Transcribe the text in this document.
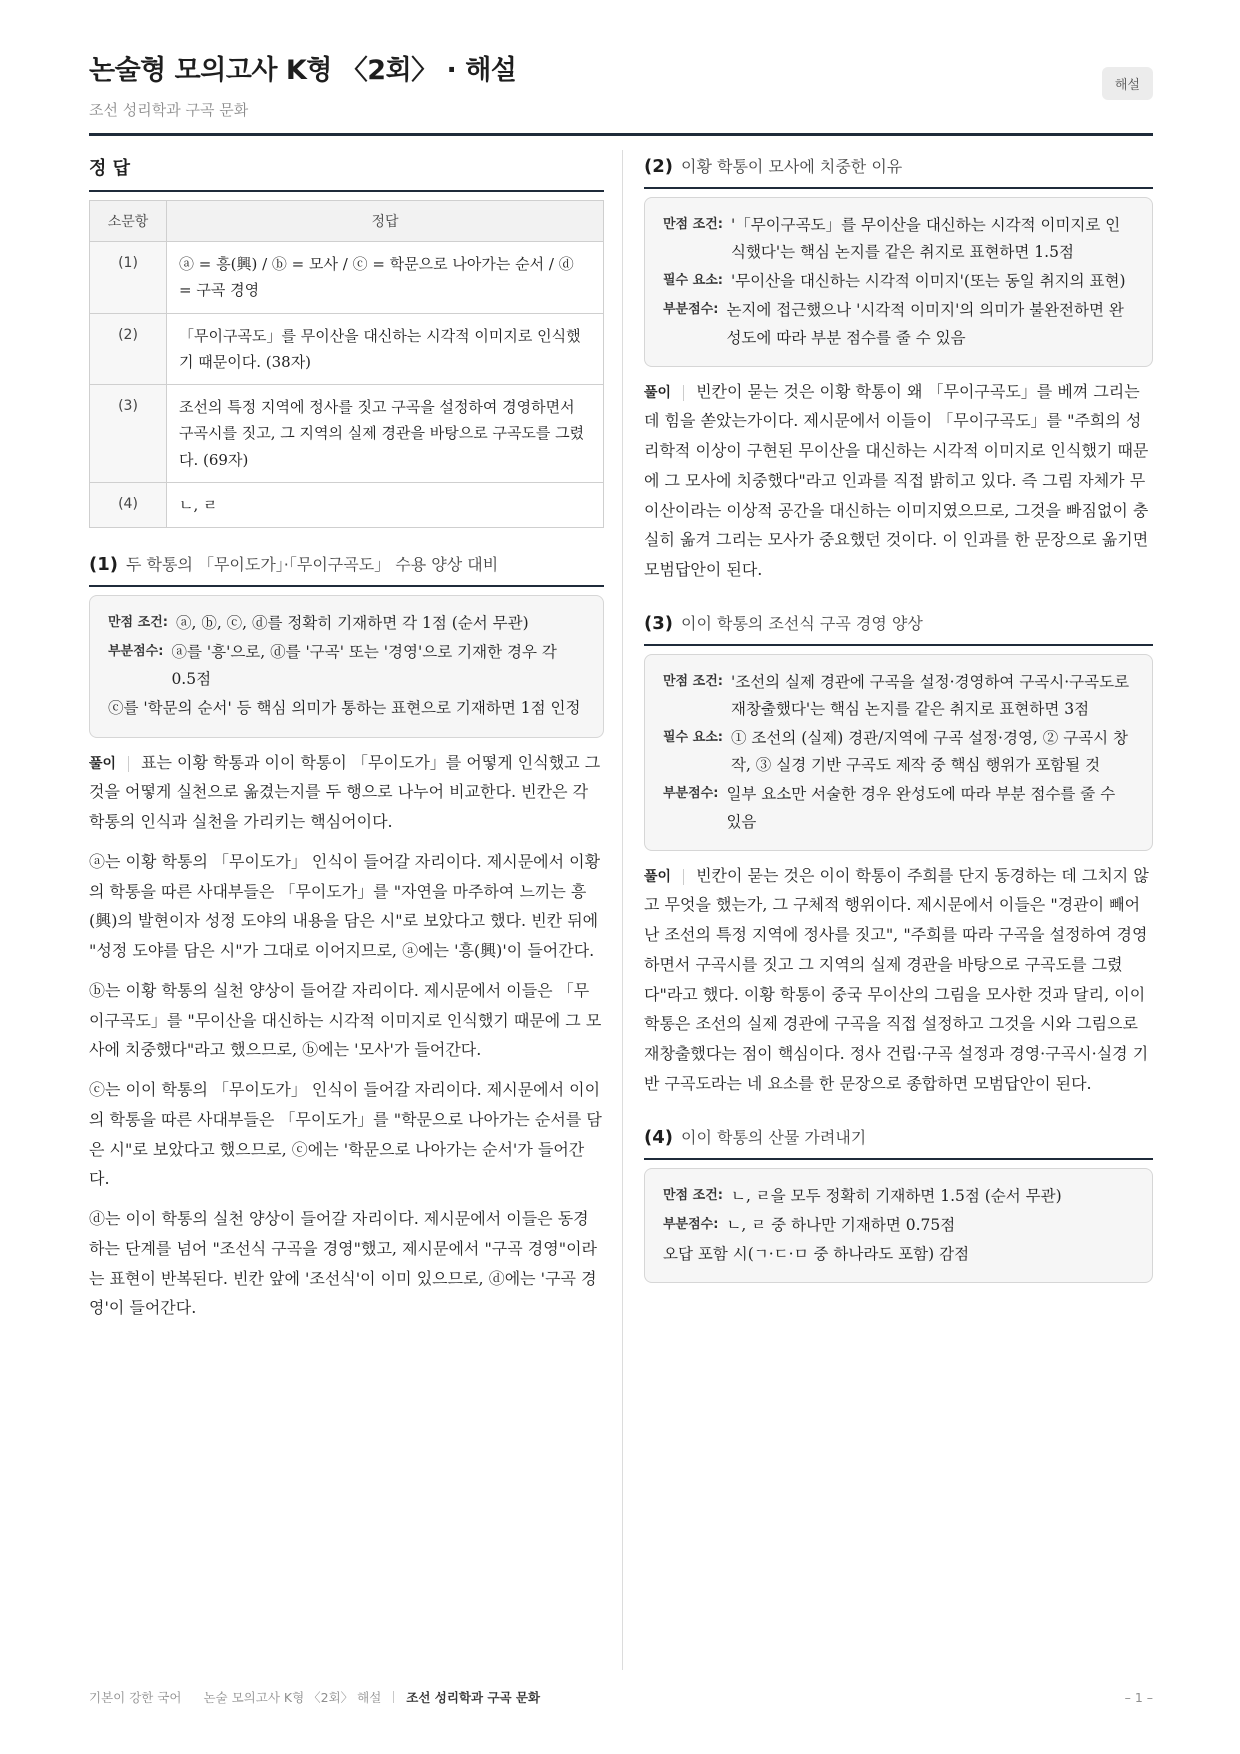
논술형 모의고사 K형 〈2회〉 · 해설
조선 성리학과 구곡 문화
해설
정 답
소문항	정답
(1)	ⓐ = 흥(興) / ⓑ = 모사 / ⓒ = 학문으로 나아가는 순서 / ⓓ = 구곡 경영
(2)	「무이구곡도」를 무이산을 대신하는 시각적 이미지로 인식했기 때문이다. (38자)
(3)	조선의 특정 지역에 정사를 짓고 구곡을 설정하여 경영하면서 구곡시를 짓고, 그 지역의 실제 경관을 바탕으로 구곡도를 그렸다. (69자)
(4)	ㄴ, ㄹ
(1) 두 학통의 「무이도가」·「무이구곡도」 수용 양상 대비
만점 조건: ⓐ, ⓑ, ⓒ, ⓓ를 정확히 기재하면 각 1점 (순서 무관)
부분점수: ⓐ를 '흥'으로, ⓓ를 '구곡' 또는 '경영'으로 기재한 경우 각 0.5점
ⓒ를 '학문의 순서' 등 핵심 의미가 통하는 표현으로 기재하면 1점 인정

풀이 표는 이황 학통과 이이 학통이 「무이도가」를 어떻게 인식했고 그것을 어떻게 실천으로 옮겼는지를 두 행으로 나누어 비교한다. 빈칸은 각 학통의 인식과 실천을 가리키는 핵심어이다.

ⓐ는 이황 학통의 「무이도가」 인식이 들어갈 자리이다. 제시문에서 이황의 학통을 따른 사대부들은 「무이도가」를 "자연을 마주하여 느끼는 흥(興)의 발현이자 성정 도야의 내용을 담은 시"로 보았다고 했다. 빈칸 뒤에 "성정 도야를 담은 시"가 그대로 이어지므로, ⓐ에는 '흥(興)'이 들어간다.

ⓑ는 이황 학통의 실천 양상이 들어갈 자리이다. 제시문에서 이들은 「무이구곡도」를 "무이산을 대신하는 시각적 이미지로 인식했기 때문에 그 모사에 치중했다"라고 했으므로, ⓑ에는 '모사'가 들어간다.

ⓒ는 이이 학통의 「무이도가」 인식이 들어갈 자리이다. 제시문에서 이이의 학통을 따른 사대부들은 「무이도가」를 "학문으로 나아가는 순서를 담은 시"로 보았다고 했으므로, ⓒ에는 '학문으로 나아가는 순서'가 들어간다.

ⓓ는 이이 학통의 실천 양상이 들어갈 자리이다. 제시문에서 이들은 동경하는 단계를 넘어 "조선식 구곡을 경영"했고, 제시문에서 "구곡 경영"이라는 표현이 반복된다. 빈칸 앞에 '조선식'이 이미 있으므로, ⓓ에는 '구곡 경영'이 들어간다.

(2) 이황 학통이 모사에 치중한 이유
만점 조건: '「무이구곡도」를 무이산을 대신하는 시각적 이미지로 인식했다'는 핵심 논지를 같은 취지로 표현하면 1.5점
필수 요소: '무이산을 대신하는 시각적 이미지'(또는 동일 취지의 표현)
부분점수: 논지에 접근했으나 '시각적 이미지'의 의미가 불완전하면 완성도에 따라 부분 점수를 줄 수 있음

풀이 빈칸이 묻는 것은 이황 학통이 왜 「무이구곡도」를 베껴 그리는 데 힘을 쏟았는가이다. 제시문에서 이들이 「무이구곡도」를 "주희의 성리학적 이상이 구현된 무이산을 대신하는 시각적 이미지로 인식했기 때문에 그 모사에 치중했다"라고 인과를 직접 밝히고 있다. 즉 그림 자체가 무이산이라는 이상적 공간을 대신하는 이미지였으므로, 그것을 빠짐없이 충실히 옮겨 그리는 모사가 중요했던 것이다. 이 인과를 한 문장으로 옮기면 모범답안이 된다.

(3) 이이 학통의 조선식 구곡 경영 양상
만점 조건: '조선의 실제 경관에 구곡을 설정·경영하여 구곡시·구곡도로 재창출했다'는 핵심 논지를 같은 취지로 표현하면 3점
필수 요소: ① 조선의 (실제) 경관/지역에 구곡 설정·경영, ② 구곡시 창작, ③ 실경 기반 구곡도 제작 중 핵심 행위가 포함될 것
부분점수: 일부 요소만 서술한 경우 완성도에 따라 부분 점수를 줄 수 있음

풀이 빈칸이 묻는 것은 이이 학통이 주희를 단지 동경하는 데 그치지 않고 무엇을 했는가, 그 구체적 행위이다. 제시문에서 이들은 "경관이 빼어난 조선의 특정 지역에 정사를 짓고", "주희를 따라 구곡을 설정하여 경영하면서 구곡시를 짓고 그 지역의 실제 경관을 바탕으로 구곡도를 그렸다"라고 했다. 이황 학통이 중국 무이산의 그림을 모사한 것과 달리, 이이 학통은 조선의 실제 경관에 구곡을 직접 설정하고 그것을 시와 그림으로 재창출했다는 점이 핵심이다. 정사 건립·구곡 설정과 경영·구곡시·실경 기반 구곡도라는 네 요소를 한 문장으로 종합하면 모범답안이 된다.

(4) 이이 학통의 산물 가려내기
만점 조건: ㄴ, ㄹ을 모두 정확히 기재하면 1.5점 (순서 무관)
부분점수: ㄴ, ㄹ 중 하나만 기재하면 0.75점
오답 포함 시(ㄱ·ㄷ·ㅁ 중 하나라도 포함) 감점
기본이 강한 국어 논술 모의고사 K형 〈2회〉 해설 조선 성리학과 구곡 문화	– 1 –
